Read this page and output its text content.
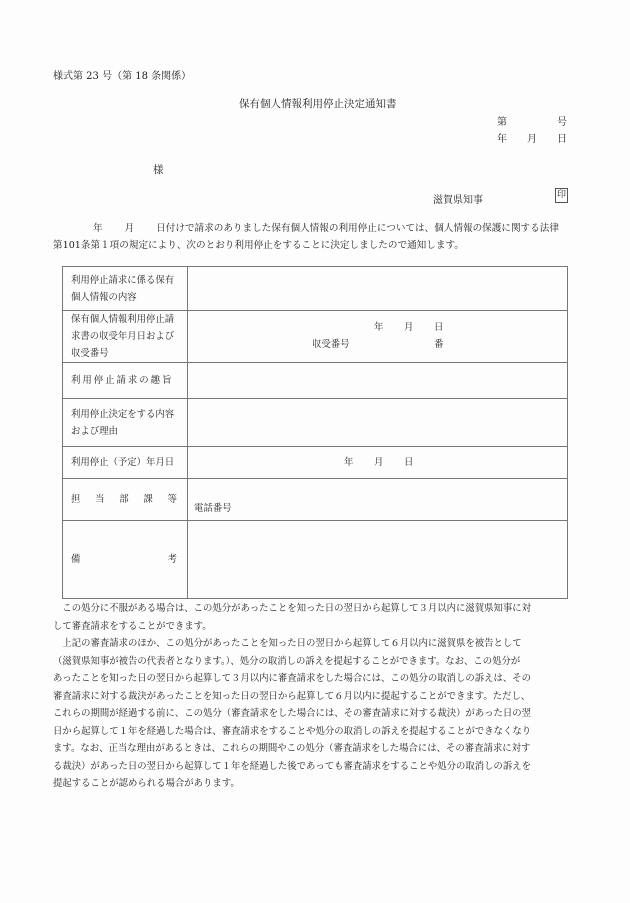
様式第 23 号（第 18 条関係）
保有個人情報利用停止決定通知書
第	号
年 月 日
様
滋賀県知事	印
年 月 日付けで請求のありました保有個人情報の利用停止については、個人情報の保護に関する法律
第101条第１項の規定により、次のとおり利用停止をすることに決定しましたので通知します。
利用停止請求に係る保有個人情報の内容	
保有個人情報利用停止請求書の収受年月日および収受番号	年 月 日
収受番号 番

利用停止請求の趣旨	
利用停止決定をする内容および理由	
利用停止（予定）年月日	年 月 日

担 当 部 課 等	電話番号

備 考	

　この処分に不服がある場合は、この処分があったことを知った日の翌日から起算して３月以内に滋賀県知事に対

して審査請求をすることができます。

　上記の審査請求のほか、この処分があったことを知った日の翌日から起算して６月以内に滋賀県を被告として

（滋賀県知事が被告の代表者となります。）、処分の取消しの訴えを提起することができます。なお、この処分が

あったことを知った日の翌日から起算して３月以内に審査請求をした場合には、この処分の取消しの訴えは、その

審査請求に対する裁決があったことを知った日の翌日から起算して６月以内に提起することができます。ただし、

これらの期間が経過する前に、この処分（審査請求をした場合には、その審査請求に対する裁決）があった日の翌

日から起算して１年を経過した場合は、審査請求をすることや処分の取消しの訴えを提起することができなくなり

ます。なお、正当な理由があるときは、これらの期間やこの処分（審査請求をした場合には、その審査請求に対す

る裁決）があった日の翌日から起算して１年を経過した後であっても審査請求をすることや処分の取消しの訴えを

提起することが認められる場合があります。
